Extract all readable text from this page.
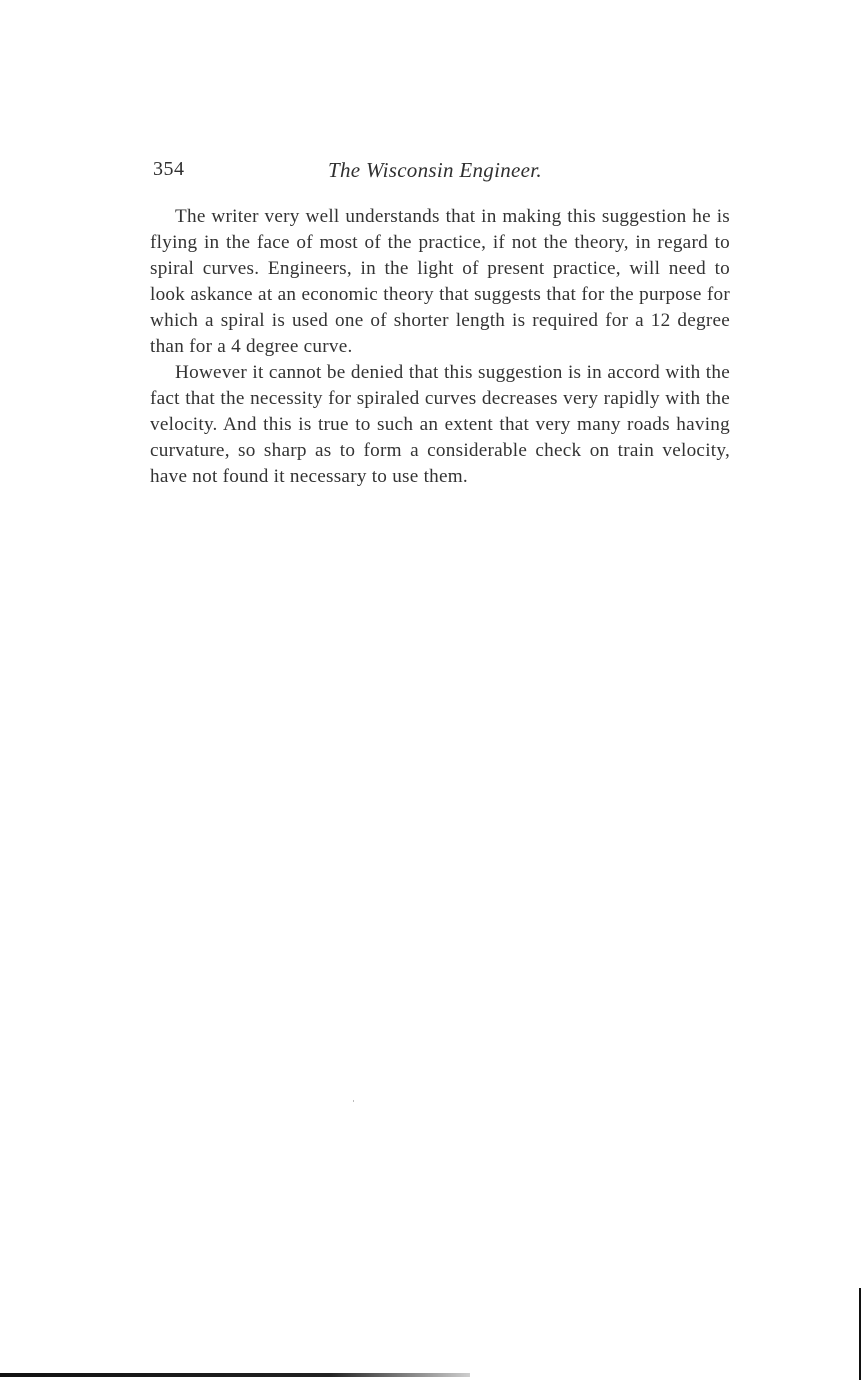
354	The Wisconsin Engineer.

The writer very well understands that in making this suggestion he is flying in the face of most of the practice, if not the theory, in regard to spiral curves. Engineers, in the light of present practice, will need to look askance at an economic theory that suggests that for the purpose for which a spiral is used one of shorter length is required for a 12 degree than for a 4 degree curve.

However it cannot be denied that this suggestion is in accord with the fact that the necessity for spiraled curves decreases very rapidly with the velocity. And this is true to such an extent that very many roads having curvature, so sharp as to form a considerable check on train velocity, have not found it necessary to use them.
